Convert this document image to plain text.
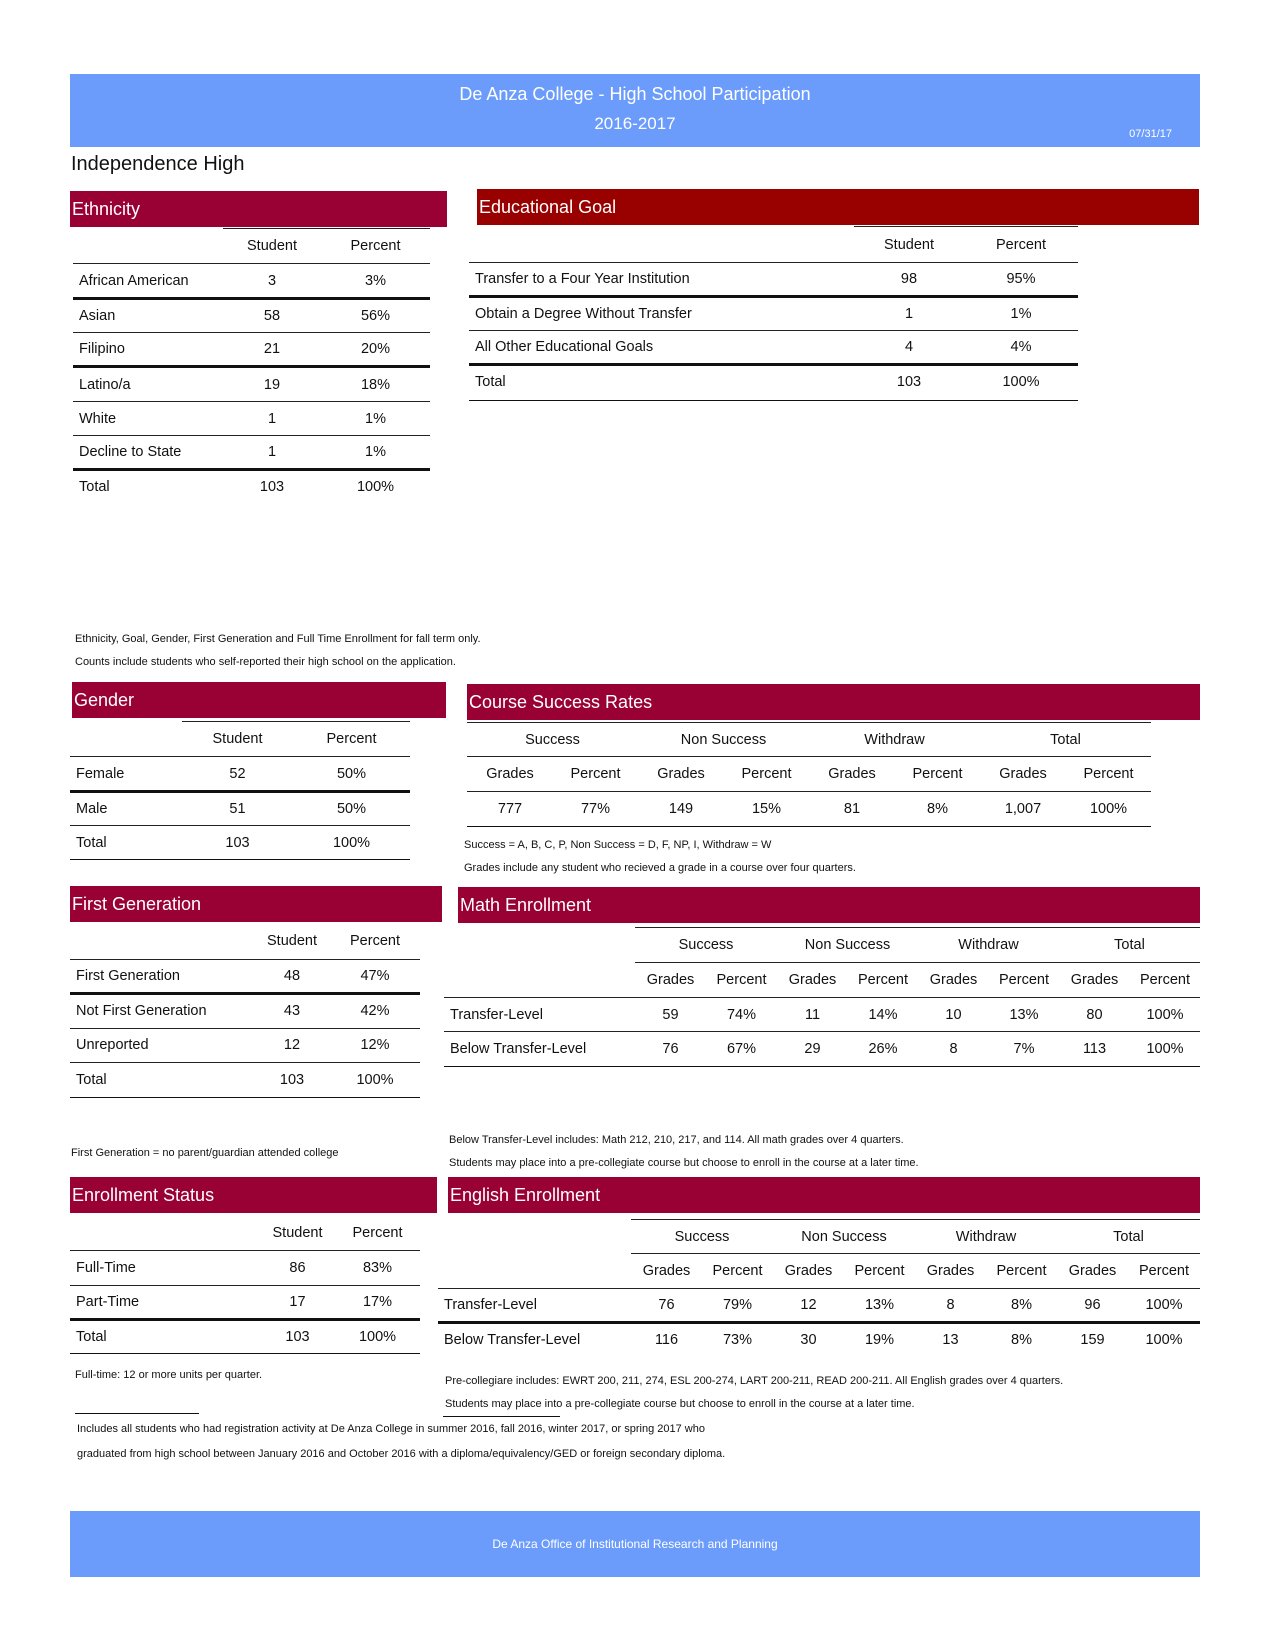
De Anza College - High School Participation
2016-2017
07/31/17
Independence High
Ethnicity
	Student	Percent
African American	3	3%
Asian	58	56%
Filipino	21	20%
Latino/a	19	18%
White	1	1%
Decline to State	1	1%
Total	103	100%
Educational Goal
	Student	Percent
Transfer to a Four Year Institution	98	95%
Obtain a Degree Without Transfer	1	1%
All Other Educational Goals	4	4%
Total	103	100%
Ethnicity, Goal, Gender, First Generation and Full Time Enrollment for fall term only.
Counts include students who self-reported their high school on the application.
Gender
	Student	Percent
Female	52	50%
Male	51	50%
Total	103	100%
Course Success Rates
Success		Non Success		Withdraw		Total	
Grades	Percent	Grades	Percent	Grades	Percent	Grades	Percent
777	77%	149	15%	81	8%	1,007	100%
Success = A, B, C, P, Non Success = D, F, NP, I, Withdraw = W
Grades include any student who recieved a grade in a course over four quarters.
First Generation
	Student	Percent
First Generation	48	47%
Not First Generation	43	42%
Unreported	12	12%
Total	103	100%
First Generation = no parent/guardian attended college
Math Enrollment
	Success		Non Success		Withdraw		Total	
	Grades	Percent	Grades	Percent	Grades	Percent	Grades	Percent
Transfer-Level	59	74%	11	14%	10	13%	80	100%
Below Transfer-Level	76	67%	29	26%	8	7%	113	100%
Below Transfer-Level includes: Math 212, 210, 217, and 114. All math grades over 4 quarters.
Students may place into a pre-collegiate course but choose to enroll in the course at a later time.
Enrollment Status
	Student	Percent
Full-Time	86	83%
Part-Time	17	17%
Total	103	100%
Full-time: 12 or more units per quarter.
English Enrollment
	Success		Non Success		Withdraw		Total	
	Grades	Percent	Grades	Percent	Grades	Percent	Grades	Percent
Transfer-Level	76	79%	12	13%	8	8%	96	100%
Below Transfer-Level	116	73%	30	19%	13	8%	159	100%
Pre-collegiare includes: EWRT 200, 211, 274, ESL 200-274, LART 200-211, READ 200-211. All English grades over 4 quarters.
Students may place into a pre-collegiate course but choose to enroll in the course at a later time.
Includes all students who had registration activity at De Anza College in summer 2016, fall 2016, winter 2017, or spring 2017 who
graduated from high school between January 2016 and October 2016 with a diploma/equivalency/GED or foreign secondary diploma.
De Anza Office of Institutional Research and Planning
